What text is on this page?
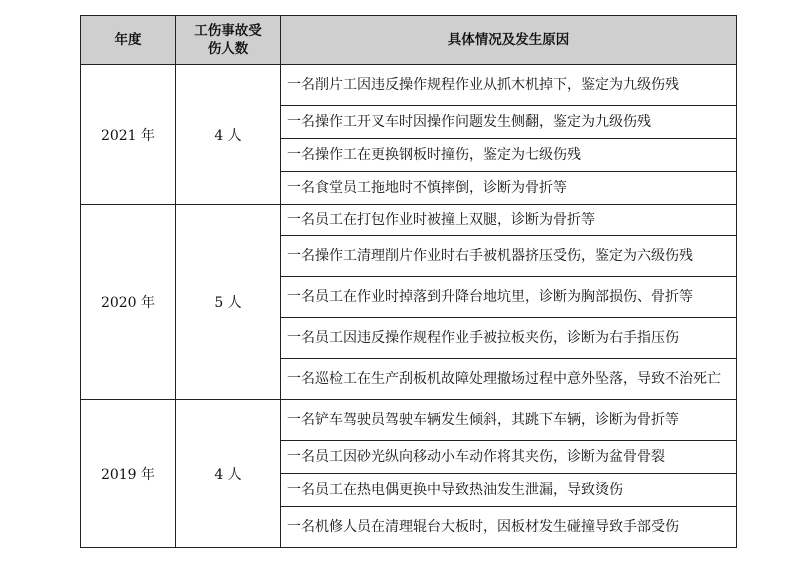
年度	工伤事故受伤人数	具体情况及发生原因
2021 年	4 人	一名削片工因违反操作规程作业从抓木机掉下，鉴定为九级伤残
		一名操作工开叉车时因操作问题发生侧翻，鉴定为九级伤残
		一名操作工在更换钢板时撞伤，鉴定为七级伤残
		一名食堂员工拖地时不慎摔倒，诊断为骨折等
2020 年	5 人	一名员工在打包作业时被撞上双腿，诊断为骨折等
		一名操作工清理削片作业时右手被机器挤压受伤，鉴定为六级伤残
		一名员工在作业时掉落到升降台地坑里，诊断为胸部损伤、骨折等
		一名员工因违反操作规程作业手被拉板夹伤，诊断为右手指压伤
		一名巡检工在生产刮板机故障处理撤场过程中意外坠落，导致不治死亡
2019 年	4 人	一名铲车驾驶员驾驶车辆发生倾斜，其跳下车辆，诊断为骨折等
		一名员工因砂光纵向移动小车动作将其夹伤，诊断为盆骨骨裂
		一名员工在热电偶更换中导致热油发生泄漏，导致烫伤
		一名机修人员在清理辊台大板时，因板材发生碰撞导致手部受伤
